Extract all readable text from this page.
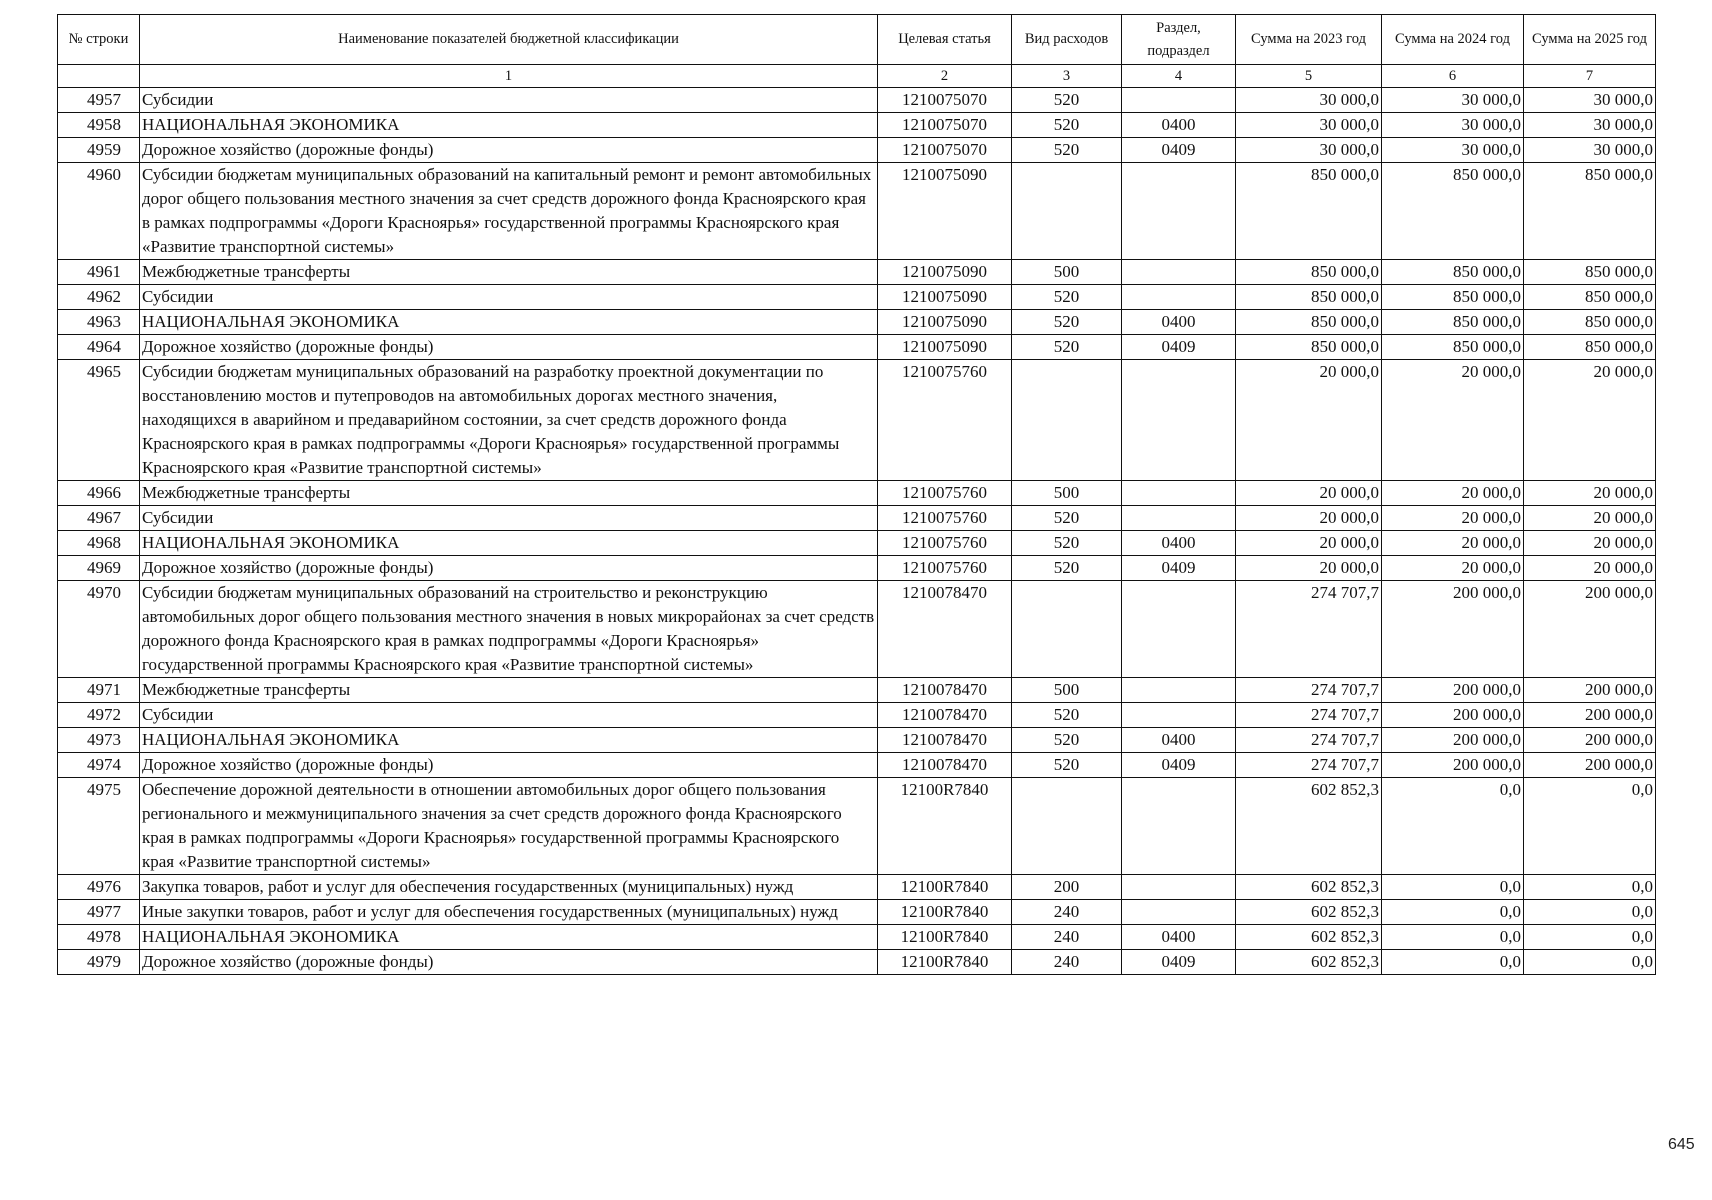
№ строки	Наименование показателей бюджетной классификации	Целевая статья	Вид расходов	Раздел, подраздел	Сумма на 2023 год	Сумма на 2024 год	Сумма на 2025 год
	1	2	3	4	5	6	7
4957	Субсидии	1210075070	520		30 000,0	30 000,0	30 000,0
4958	НАЦИОНАЛЬНАЯ ЭКОНОМИКА	1210075070	520	0400	30 000,0	30 000,0	30 000,0
4959	Дорожное хозяйство (дорожные фонды)	1210075070	520	0409	30 000,0	30 000,0	30 000,0
4960	Субсидии бюджетам муниципальных образований на капитальный ремонт и ремонт автомобильных дорог общего пользования местного значения за счет средств дорожного фонда Красноярского края в рамках подпрограммы «Дороги Красноярья» государственной программы Красноярского края «Развитие транспортной системы»	1210075090			850 000,0	850 000,0	850 000,0
4961	Межбюджетные трансферты	1210075090	500		850 000,0	850 000,0	850 000,0
4962	Субсидии	1210075090	520		850 000,0	850 000,0	850 000,0
4963	НАЦИОНАЛЬНАЯ ЭКОНОМИКА	1210075090	520	0400	850 000,0	850 000,0	850 000,0
4964	Дорожное хозяйство (дорожные фонды)	1210075090	520	0409	850 000,0	850 000,0	850 000,0
4965	Субсидии бюджетам муниципальных образований на разработку проектной документации по восстановлению мостов и путепроводов на автомобильных дорогах местного значения, находящихся в аварийном и предаварийном состоянии, за счет средств дорожного фонда Красноярского края в рамках подпрограммы «Дороги Красноярья» государственной программы Красноярского края «Развитие транспортной системы»	1210075760			20 000,0	20 000,0	20 000,0
4966	Межбюджетные трансферты	1210075760	500		20 000,0	20 000,0	20 000,0
4967	Субсидии	1210075760	520		20 000,0	20 000,0	20 000,0
4968	НАЦИОНАЛЬНАЯ ЭКОНОМИКА	1210075760	520	0400	20 000,0	20 000,0	20 000,0
4969	Дорожное хозяйство (дорожные фонды)	1210075760	520	0409	20 000,0	20 000,0	20 000,0
4970	Субсидии бюджетам муниципальных образований на строительство и реконструкцию автомобильных дорог общего пользования местного значения в новых микрорайонах за счет средств дорожного фонда Красноярского края в рамках подпрограммы «Дороги Красноярья» государственной программы Красноярского края «Развитие транспортной системы»	1210078470			274 707,7	200 000,0	200 000,0
4971	Межбюджетные трансферты	1210078470	500		274 707,7	200 000,0	200 000,0
4972	Субсидии	1210078470	520		274 707,7	200 000,0	200 000,0
4973	НАЦИОНАЛЬНАЯ ЭКОНОМИКА	1210078470	520	0400	274 707,7	200 000,0	200 000,0
4974	Дорожное хозяйство (дорожные фонды)	1210078470	520	0409	274 707,7	200 000,0	200 000,0
4975	Обеспечение дорожной деятельности в отношении автомобильных дорог общего пользования регионального и межмуниципального значения за счет средств дорожного фонда Красноярского края в рамках подпрограммы «Дороги Красноярья» государственной программы Красноярского края «Развитие транспортной системы»	12100R7840			602 852,3	0,0	0,0
4976	Закупка товаров, работ и услуг для обеспечения государственных (муниципальных) нужд	12100R7840	200		602 852,3	0,0	0,0
4977	Иные закупки товаров, работ и услуг для обеспечения государственных (муниципальных) нужд	12100R7840	240		602 852,3	0,0	0,0
4978	НАЦИОНАЛЬНАЯ ЭКОНОМИКА	12100R7840	240	0400	602 852,3	0,0	0,0
4979	Дорожное хозяйство (дорожные фонды)	12100R7840	240	0409	602 852,3	0,0	0,0
645
